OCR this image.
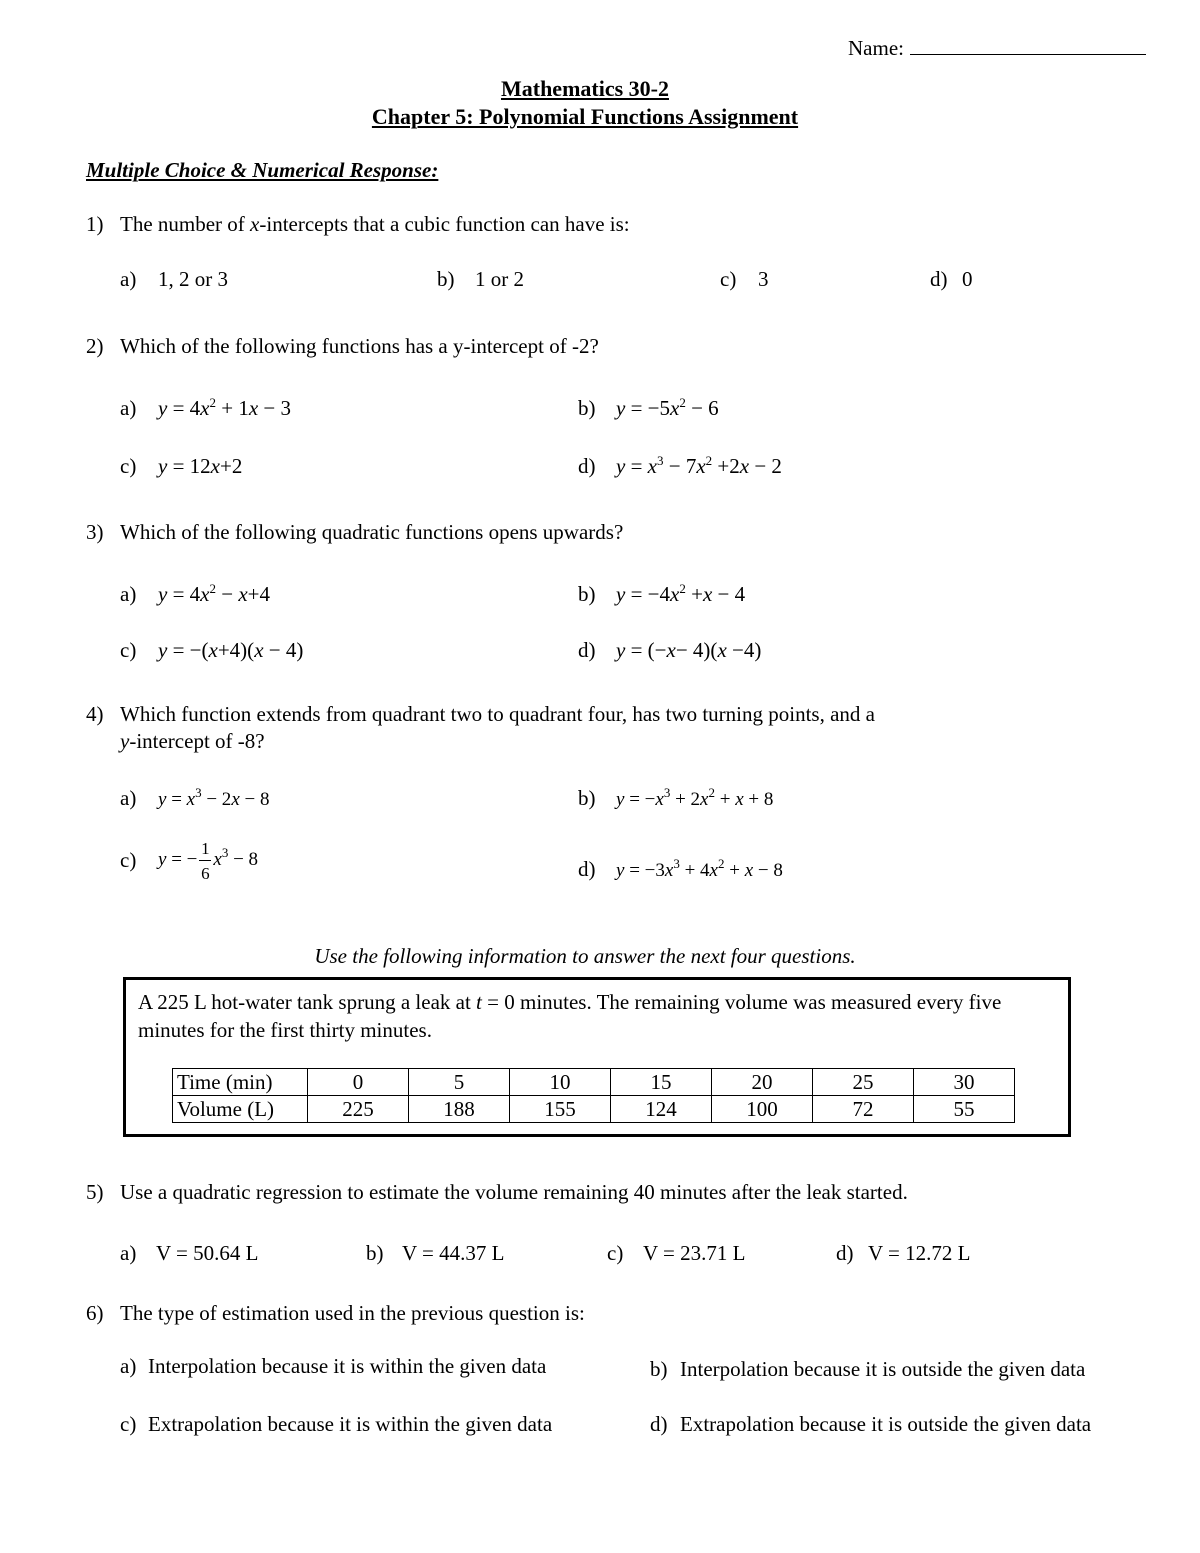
Name:
Mathematics 30-2
Chapter 5: Polynomial Functions Assignment
Multiple Choice & Numerical Response:
1) The number of x-intercepts that a cubic function can have is:
a) 1, 2 or 3	b) 1 or 2	c) 3	d) 0
2) Which of the following functions has a y-intercept of -2?
a) $y = 4x^2 + 1x - 3$	b) $y = -5x^2 - 6$
c) y = 12x+2	d) $y = x^3 - 7x^2 +2x - 2$
3) Which of the following quadratic functions opens upwards?
a) $y = 4x^2 - x+4$	b) $y = -4x^2 +x - 4$
c) y = −(x+4)(x − 4)	d) y = (−x− 4)(x −4)
4) Which function extends from quadrant two to quadrant four, has two turning points, and a
y-intercept of -8?
a) $y = x^3 - 2x - 8$	b) $y = -x^3 + 2x^2 + x + 8$
c) y = − $\frac{1}{6} x^3 - 8$	d) $y = -3x^3 + 4x^2 + x - 8$
Use the following information to answer the next four questions.
A 225 L hot-water tank sprung a leak at t = 0 minutes. The remaining volume was measured every five minutes for the first thirty minutes.
Time (min)	0	5	10	15	20	25	30
Volume (L)	225	188	155	124	100	72	55
5) Use a quadratic regression to estimate the volume remaining 40 minutes after the leak started.
a) V = 50.64 L	b) V = 44.37 L	c) V = 23.71 L	d) V = 12.72 L
6) The type of estimation used in the previous question is:
a) Interpolation because it is within the given data	b) Interpolation because it is outside the given data
c) Extrapolation because it is within the given data	d) Extrapolation because it is outside the given data
